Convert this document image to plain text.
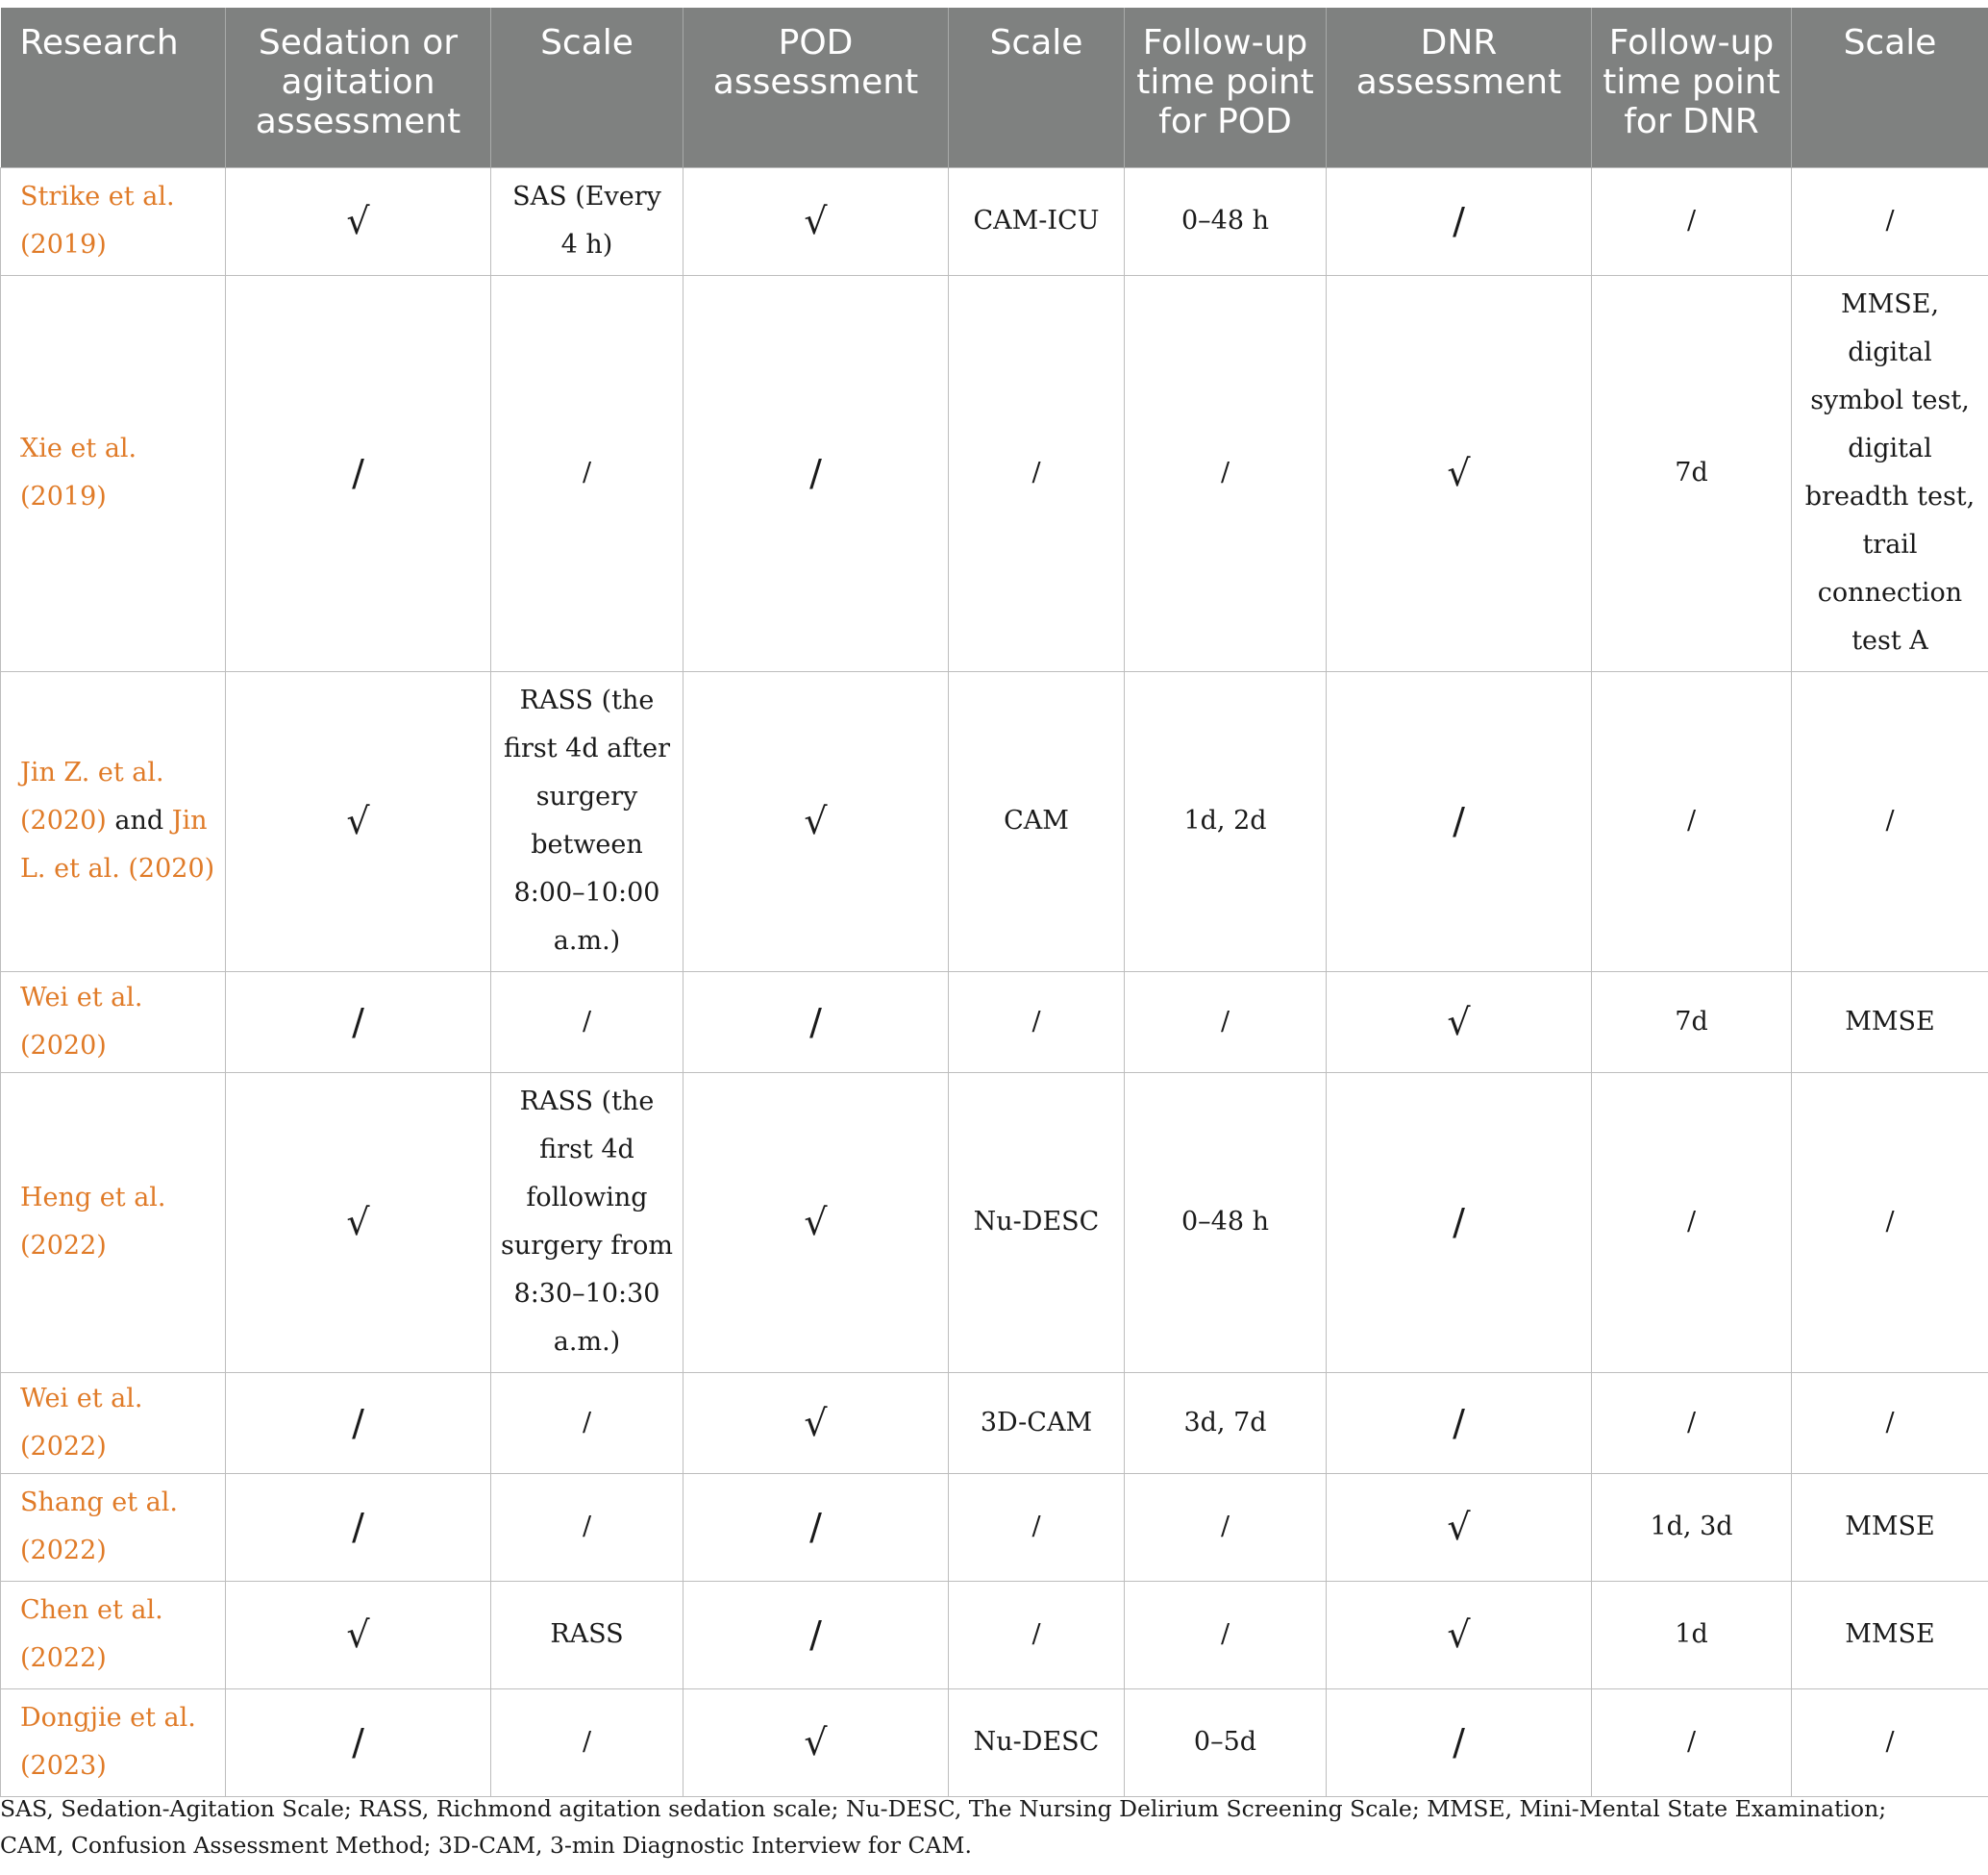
Research	Sedation or agitation assessment	Scale	POD assessment	Scale	Follow-up time point for POD	DNR assessment	Follow-up time point for DNR	Scale
Strike et al. (2019)	√	SAS (Every 4 h)	√	CAM-ICU	0–48 h	/	/	/
Xie et al. (2019)	/	/	/	/	/	√	7d	MMSE, digital symbol test, digital breadth test, trail connection test A
Jin Z. et al. (2020) and Jin L. et al. (2020)	√	RASS (the first 4d after surgery between 8:00–10:00 a.m.)	√	CAM	1d, 2d	/	/	/
Wei et al. (2020)	/	/	/	/	/	√	7d	MMSE
Heng et al. (2022)	√	RASS (the first 4d following surgery from 8:30–10:30 a.m.)	√	Nu-DESC	0–48 h	/	/	/
Wei et al. (2022)	/	/	√	3D-CAM	3d, 7d	/	/	/
Shang et al. (2022)	/	/	/	/	/	√	1d, 3d	MMSE
Chen et al. (2022)	√	RASS	/	/	/	√	1d	MMSE
Dongjie et al. (2023)	/	/	√	Nu-DESC	0–5d	/	/	/
SAS, Sedation-Agitation Scale; RASS, Richmond agitation sedation scale; Nu-DESC, The Nursing Delirium Screening Scale; MMSE, Mini-Mental State Examination; CAM, Confusion Assessment Method; 3D-CAM, 3-min Diagnostic Interview for CAM.
